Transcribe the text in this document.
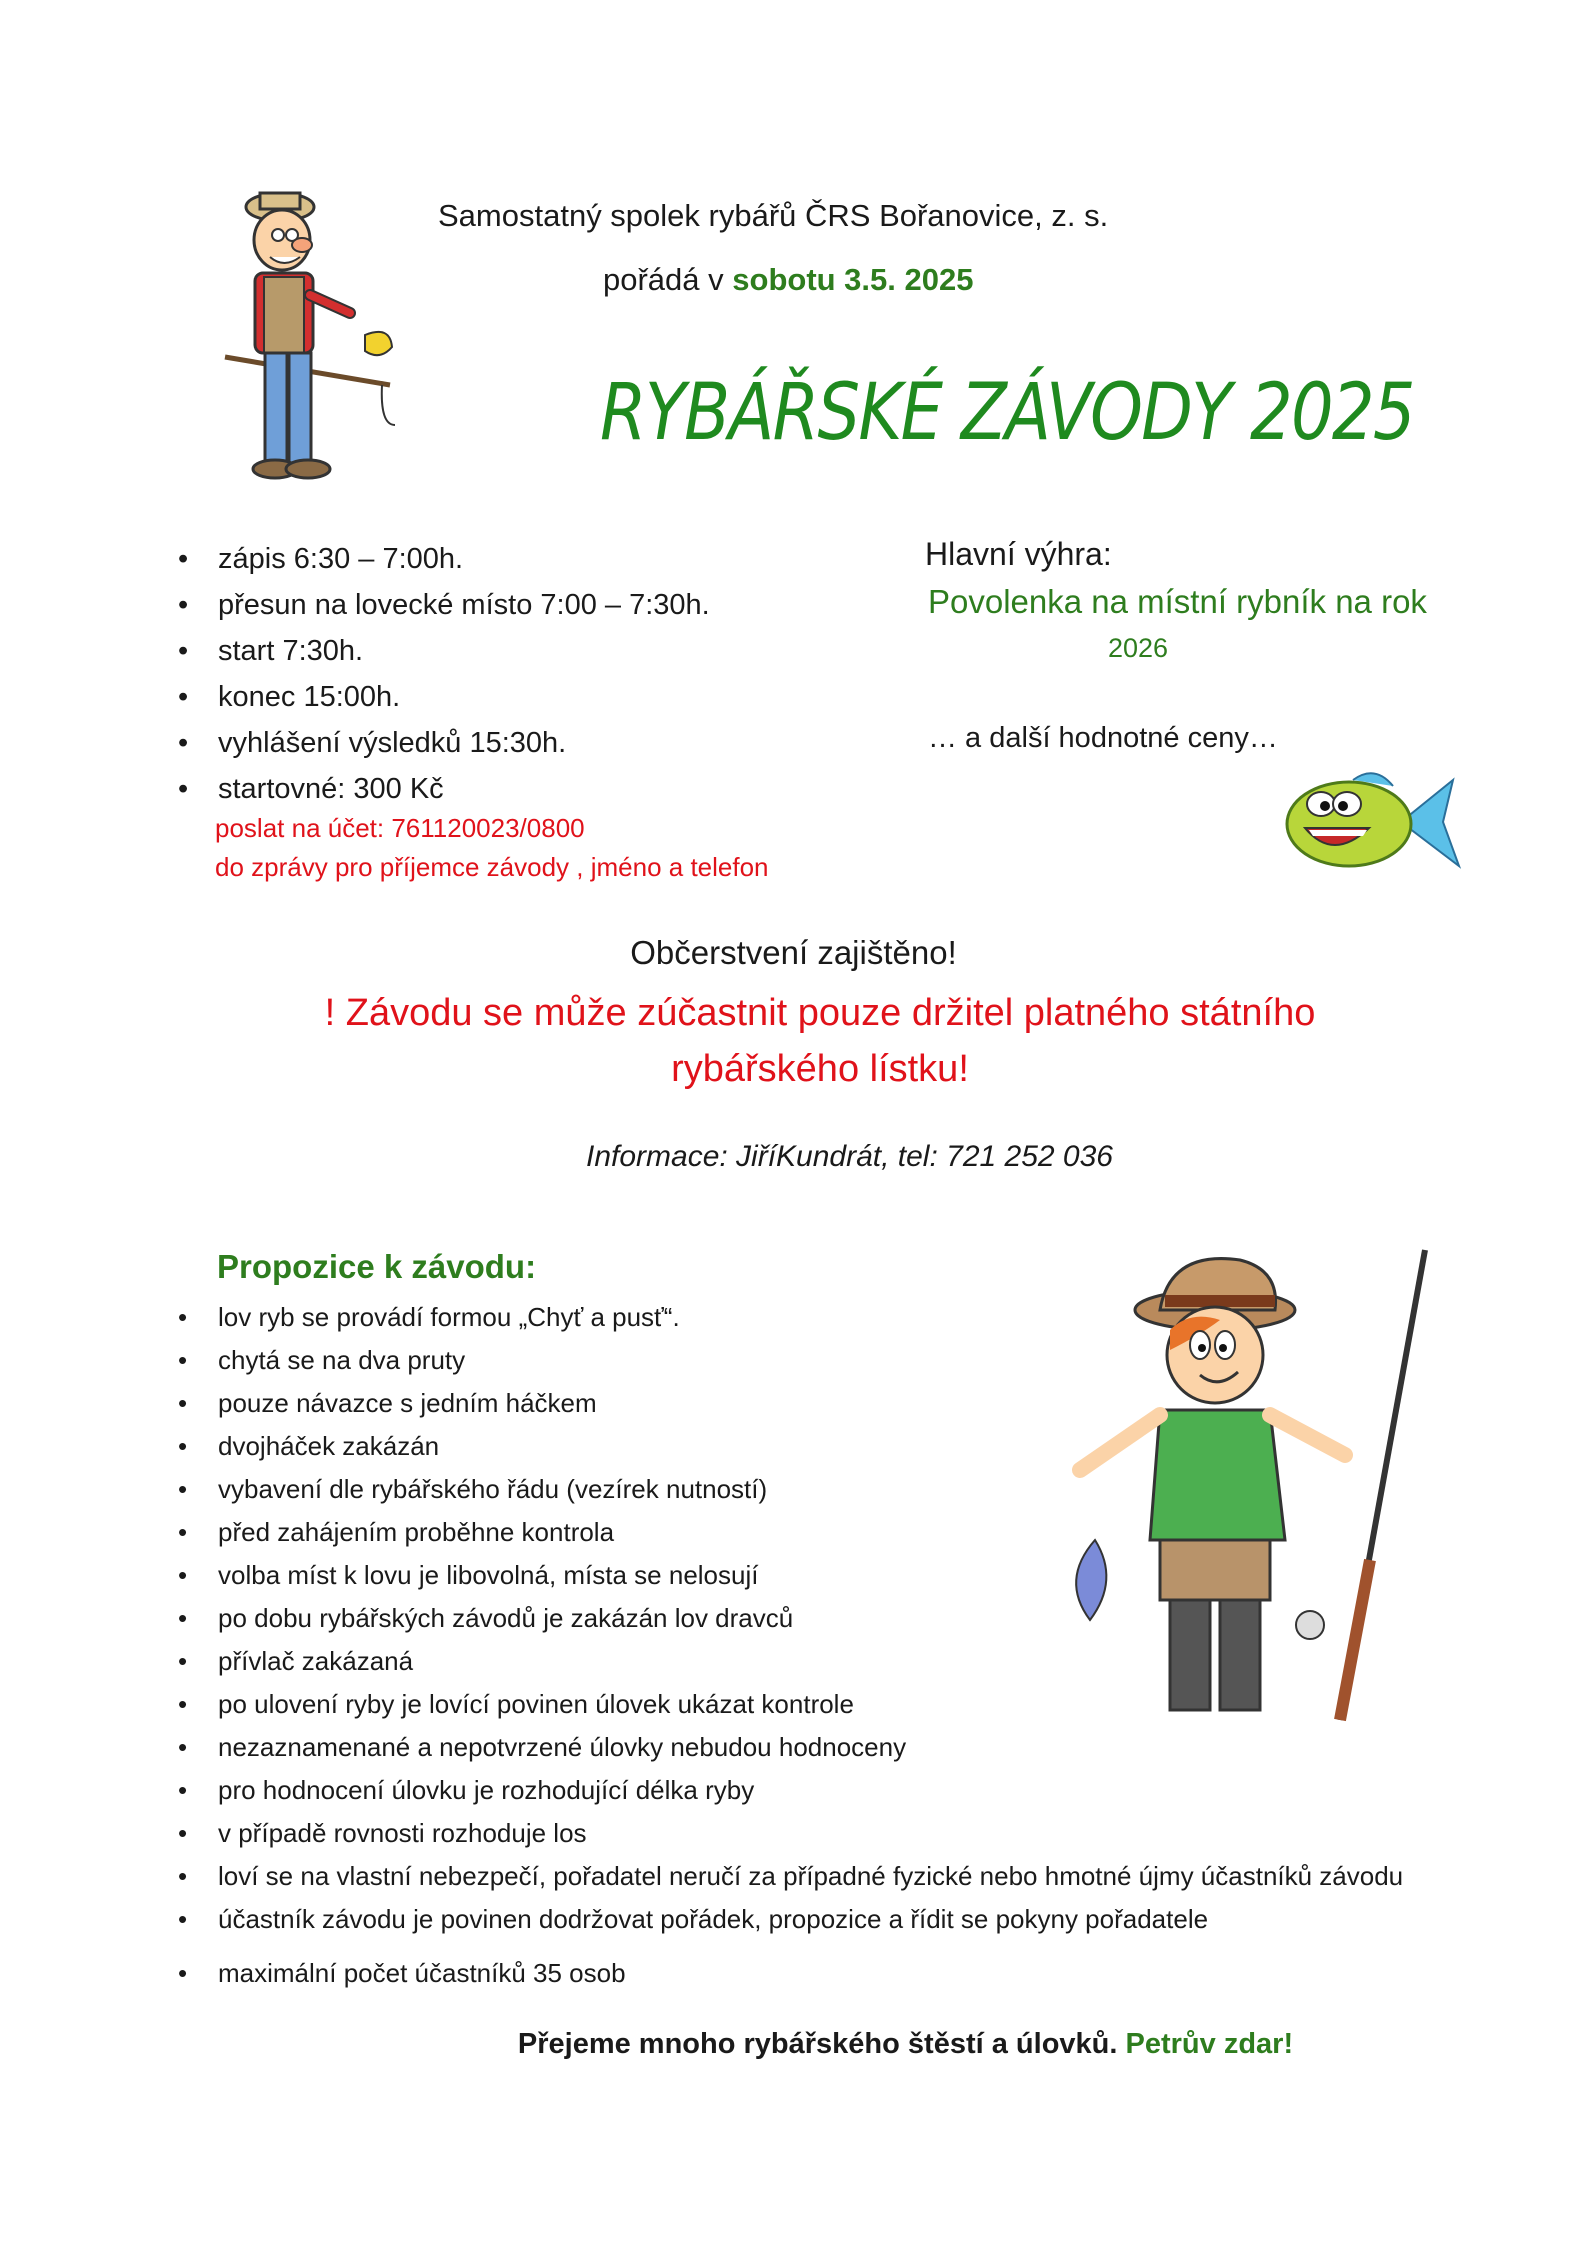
Samostatný spolek rybářů ČRS Bořanovice, z. s.
pořádá v sobotu 3.5. 2025
RYBÁŘSKÉ ZÁVODY 2025
• zápis 6:30 – 7:00h.
• přesun na lovecké místo 7:00 – 7:30h.
• start 7:30h.
• konec 15:00h.
• vyhlášení výsledků 15:30h.
• startovné: 300 Kč
poslat na účet: 761120023/0800
do zprávy pro příjemce závody , jméno a telefon
Hlavní výhra:
Povolenka na místní rybník na rok
2026
… a další hodnotné ceny…
Občerstvení zajištěno!
! Závodu se může zúčastnit pouze držitel platného státního
rybářského lístku!
Informace: JiříKundrát, tel: 721 252 036
Propozice k závodu:
• lov ryb se provádí formou „Chyť a pusť“.
• chytá se na dva pruty
• pouze návazce s jedním háčkem
• dvojháček zakázán
• vybavení dle rybářského řádu (vezírek nutností)
• před zahájením proběhne kontrola
• volba míst k lovu je libovolná, místa se nelosují
• po dobu rybářských závodů je zakázán lov dravců
• přívlač zakázaná
• po ulovení ryby je lovící povinen úlovek ukázat kontrole
• nezaznamenané a nepotvrzené úlovky nebudou hodnoceny
• pro hodnocení úlovku je rozhodující délka ryby
• v případě rovnosti rozhoduje los
• loví se na vlastní nebezpečí, pořadatel neručí za případné fyzické nebo hmotné újmy účastníků závodu
• účastník závodu je povinen dodržovat pořádek, propozice a řídit se pokyny pořadatele
• maximální počet účastníků 35 osob
Přejeme mnoho rybářského štěstí a úlovků. Petrův zdar!
